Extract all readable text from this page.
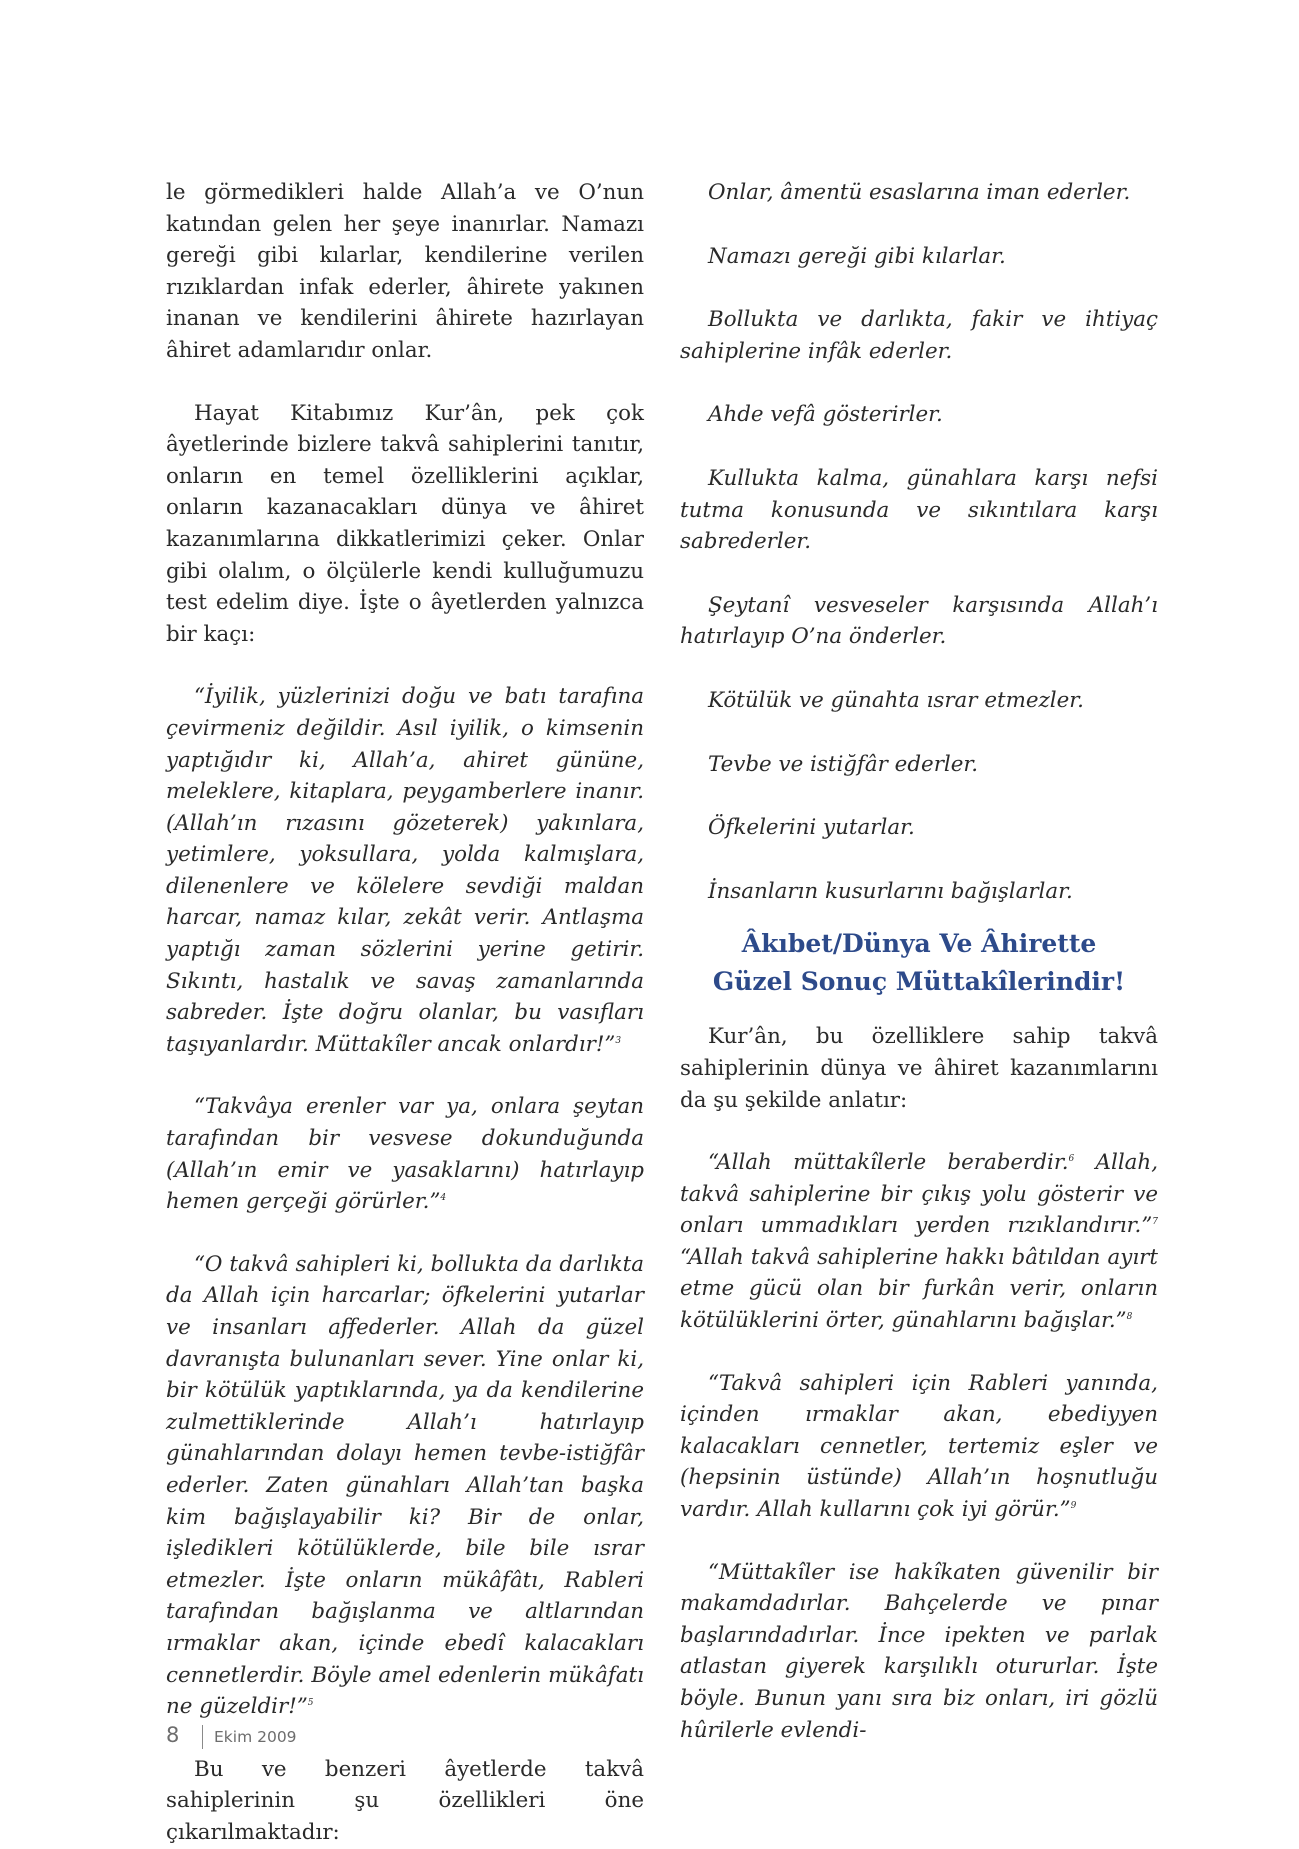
le görmedikleri halde Allah’a ve O’nun katından gelen her şeye inanırlar. Namazı gereği gibi kılarlar, kendilerine verilen rızıklardan infak ederler, âhirete yakınen inanan ve kendilerini âhirete hazırlayan âhiret adamlarıdır onlar.

Hayat Kitabımız Kur’ân, pek çok âyetlerinde bizlere takvâ sahiplerini tanıtır, onların en temel özelliklerini açıklar, onların kazanacakları dünya ve âhiret kazanımlarına dikkatlerimizi çeker. Onlar gibi olalım, o ölçülerle kendi kulluğumuzu test edelim diye. İşte o âyetlerden yalnızca bir kaçı:

“İyilik, yüzlerinizi doğu ve batı tarafına çevirmeniz değildir. Asıl iyilik, o kimsenin yaptığıdır ki, Allah’a, ahiret gününe, meleklere, kitaplara, peygamberlere inanır. (Allah’ın rızasını gözeterek) yakınlara, yetimlere, yoksullara, yolda kalmışlara, dilenenlere ve kölelere sevdiği maldan harcar, namaz kılar, zekât verir. Antlaşma yaptığı zaman sözlerini yerine getirir. Sıkıntı, hastalık ve savaş zamanlarında sabreder. İşte doğru olanlar, bu vasıfları taşıyanlardır. Müttakîler ancak onlardır!”$^3$

“Takvâya erenler var ya, onlara şeytan tarafından bir vesvese dokunduğunda (Allah’ın emir ve yasaklarını) hatırlayıp hemen gerçeği görürler.”$^4$

“O takvâ sahipleri ki, bollukta da darlıkta da Allah için harcarlar; öfkelerini yutarlar ve insanları affederler. Allah da güzel davranışta bulunanları sever. Yine onlar ki, bir kötülük yaptıklarında, ya da kendilerine zulmettiklerinde Allah’ı hatırlayıp günahlarından dolayı hemen tevbe-istiğfâr ederler. Zaten günahları Allah’tan başka kim bağışlayabilir ki? Bir de onlar, işledikleri kötülüklerde, bile bile ısrar etmezler. İşte onların mükâfâtı, Rableri tarafından bağışlanma ve altlarından ırmaklar akan, içinde ebedî kalacakları cennetlerdir. Böyle amel edenlerin mükâfatı ne güzeldir!”$^5$

Bu ve benzeri âyetlerde takvâ sahiplerinin şu özellikleri öne çıkarılmaktadır:

Onlar, âmentü esaslarına iman ederler.

Namazı gereği gibi kılarlar.

Bollukta ve darlıkta, fakir ve ihtiyaç sahiplerine infâk ederler.

Ahde vefâ gösterirler.

Kullukta kalma, günahlara karşı nefsi tutma konusunda ve sıkıntılara karşı sabrederler.

Şeytanî vesveseler karşısında Allah’ı hatırlayıp O’na önderler.

Kötülük ve günahta ısrar etmezler.

Tevbe ve istiğfâr ederler.

Öfkelerini yutarlar.

İnsanların kusurlarını bağışlarlar.

Âkıbet/Dünya Ve Âhirette
Güzel Sonuç Müttakîlerindir!

Kur’ân, bu özelliklere sahip takvâ sahiplerinin dünya ve âhiret kazanımlarını da şu şekilde anlatır:

“Allah müttakîlerle beraberdir.$^6$ Allah, takvâ sahiplerine bir çıkış yolu gösterir ve onları ummadıkları yerden rızıklandırır.”$^7$ “Allah takvâ sahiplerine hakkı bâtıldan ayırt etme gücü olan bir furkân verir, onların kötülüklerini örter, günahlarını bağışlar.”$^8$

“Takvâ sahipleri için Rableri yanında, içinden ırmaklar akan, ebediyyen kalacakları cennetler, tertemiz eşler ve (hepsinin üstünde) Allah’ın hoşnutluğu vardır. Allah kullarını çok iyi görür.”$^9$

“Müttakîler ise hakîkaten güvenilir bir makamdadırlar. Bahçelerde ve pınar başlarındadırlar. İnce ipekten ve parlak atlastan giyerek karşılıklı otururlar. İşte böyle. Bunun yanı sıra biz onları, iri gözlü hûrilerle evlendi-

8 Ekim 2009
